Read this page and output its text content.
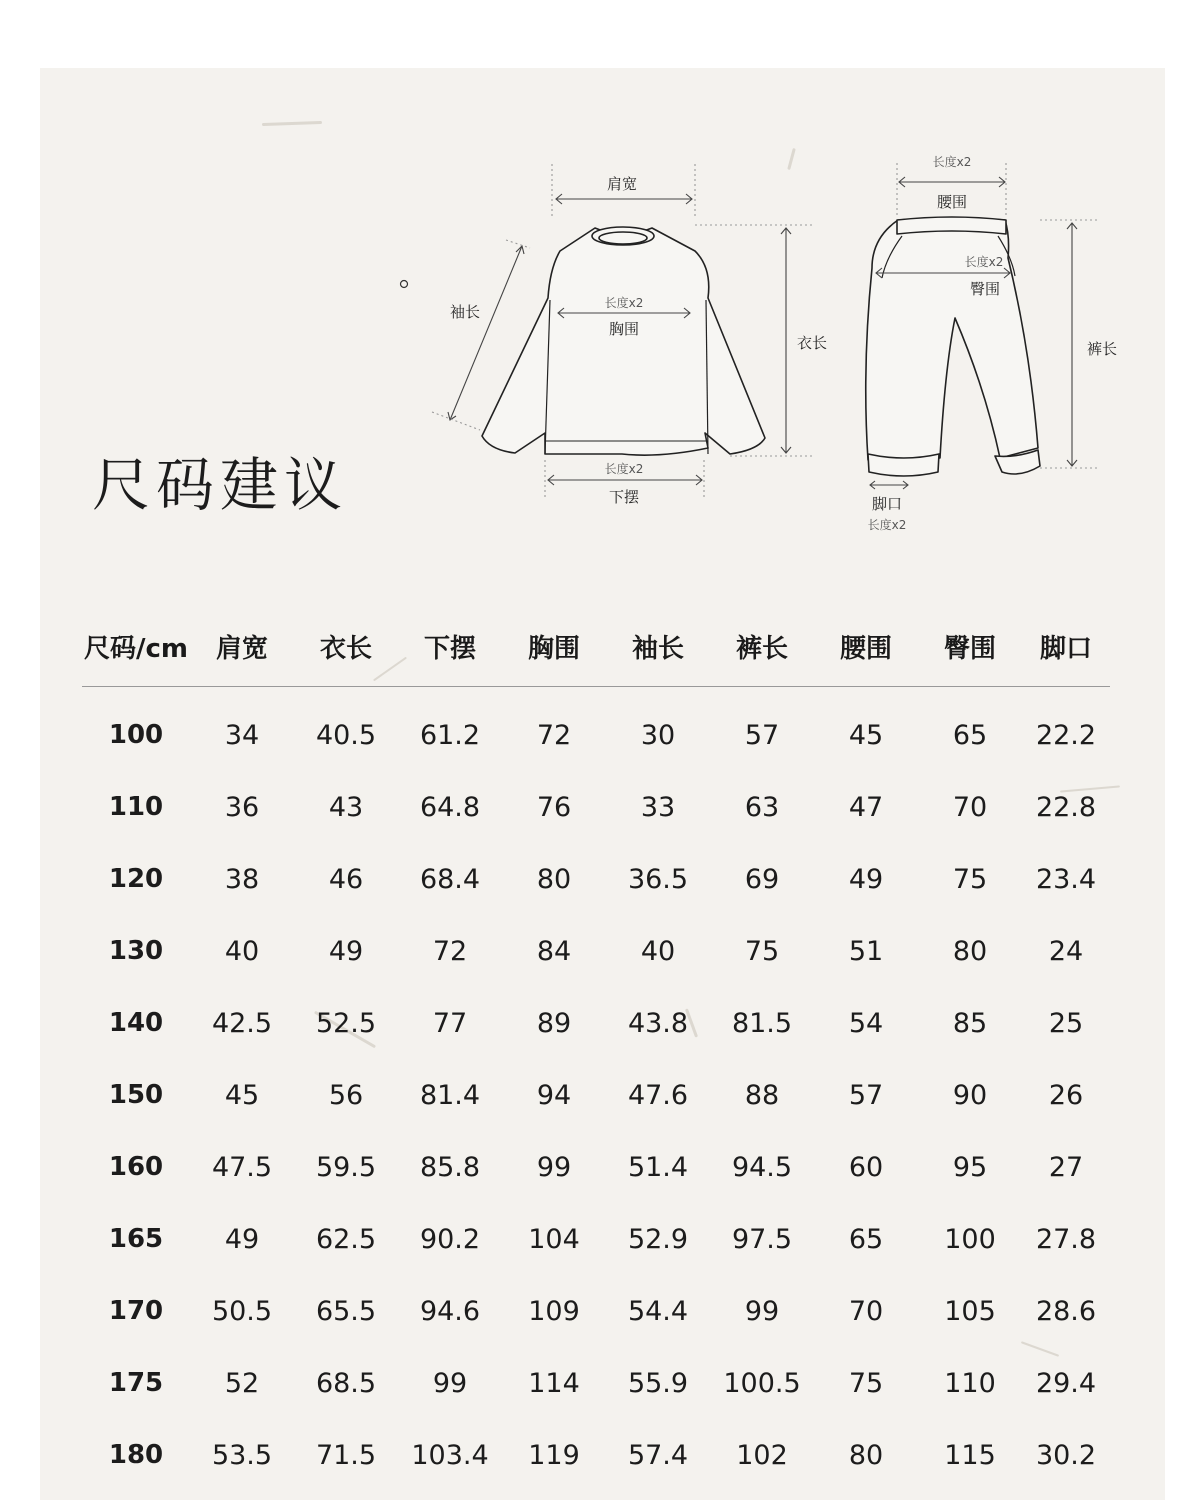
尺码建议
肩宽
袖长	长度x2
胸围
衣长
长度x2
下摆
长度x2
腰围
长度x2
臀围
裤长
脚口
长度x2
尺码/cm	肩宽	衣长	下摆	胸围	袖长	裤长	腰围	臀围	脚口

100	34	40.5	61.2	72	30	57	45	65	22.2
110	36	43	64.8	76	33	63	47	70	22.8
120	38	46	68.4	80	36.5	69	49	75	23.4
130	40	49	72	84	40	75	51	80	24
140	42.5	52.5	77	89	43.8	81.5	54	85	25
150	45	56	81.4	94	47.6	88	57	90	26
160	47.5	59.5	85.8	99	51.4	94.5	60	95	27
165	49	62.5	90.2	104	52.9	97.5	65	100	27.8
170	50.5	65.5	94.6	109	54.4	99	70	105	28.6
175	52	68.5	99	114	55.9	100.5	75	110	29.4
180	53.5	71.5	103.4	119	57.4	102	80	115	30.2
